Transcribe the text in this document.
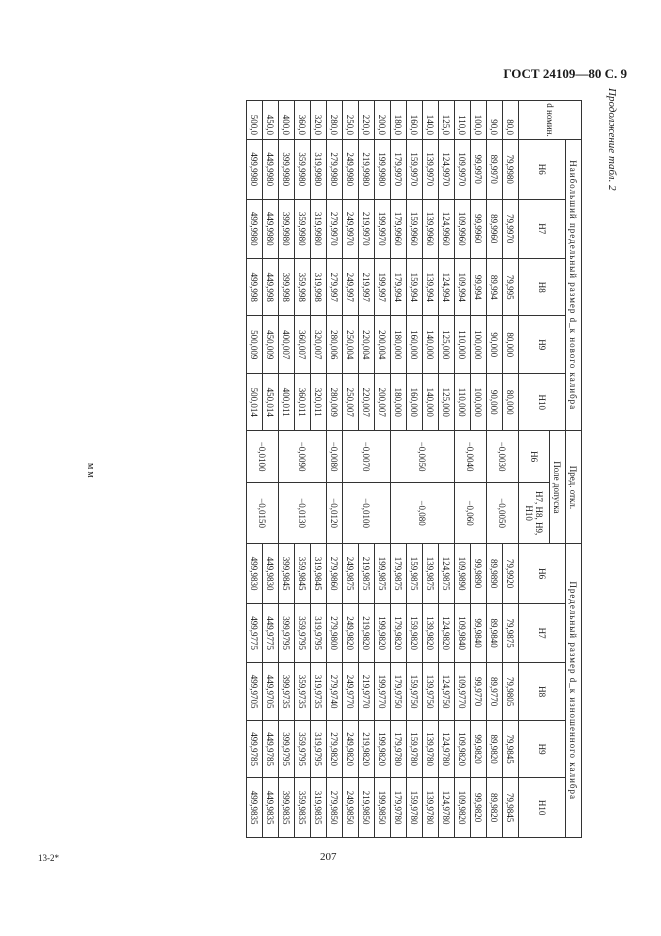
ГОСТ 24109—80 С. 9
Продолжение табл. 2
мм
d номин.	Наибольший предельный размер d_к нового калибра					Пред. откл.		Предельный размер d_к изношенного калибра				
	Н6	Н7	Н8	Н9	Н10	Поле допуска		Н6	Н7	Н8	Н9	Н10
						Н6	Н7, Н8, Н9, Н10					
80,0	79,9980	79,9970	79,995	80,000	80,000	−0,0030	−0,0050	79,9920	79,9875	79,9805	79,9845	79,9845
90,0	89,9970	89,9960	89,994	90,000	90,000			89,9890	89,9840	89,9770	89,9820	89,9820
100,0	99,9970	99,9960	99,994	100,000	100,000	−0,0040	−0,060	99,9890	99,9840	99,9770	99,9820	99,9820
110,0	109,9970	109,9960	109,994	110,000	110,000			109,9890	109,9840	109,9770	109,9820	109,9820
125,0	124,9970	124,9960	124,994	125,000	125,000	−0,0050	−0,080	124,9875	124,9820	124,9750	124,9780	124,9780
140,0	139,9970	139,9960	139,994	140,000	140,000			139,9875	139,9820	139,9750	139,9780	139,9780
160,0	159,9970	159,9960	159,994	160,000	160,000			159,9875	159,9820	159,9750	159,9780	159,9780
180,0	179,9970	179,9960	179,994	180,000	180,000			179,9875	179,9820	179,9750	179,9780	179,9780
200,0	199,9980	199,9970	199,997	200,004	200,007	−0,0070	−0,0100	199,9875	199,9820	199,9770	199,9820	199,9850
220,0	219,9980	219,9970	219,997	220,004	220,007			219,9875	219,9820	219,9770	219,9820	219,9850
250,0	249,9980	249,9970	249,997	250,004	250,007			249,9875	249,9820	249,9770	249,9820	249,9850
280,0	279,9980	279,9970	279,997	280,006	280,009	−0,0080	−0,0120	279,9860	279,9800	279,9740	279,9820	279,9850
320,0	319,9980	319,9980	319,998	320,007	320,011	−0,0090	−0,0130	319,9845	319,9795	319,9735	319,9795	319,9835
360,0	359,9980	359,9980	359,998	360,007	360,011			359,9845	359,9795	359,9735	359,9795	359,9835
400,0	399,9980	399,9980	399,998	400,007	400,011			399,9845	399,9795	399,9735	399,9795	399,9835
450,0	449,9980	449,9980	449,998	450,009	450,014	−0,0100	−0,0150	449,9830	449,9775	449,9705	449,9785	449,9835
500,0	499,9980	499,9980	499,998	500,009	500,014			499,9830	499,9775	499,9705	499,9785	499,9835
13-2*	207
